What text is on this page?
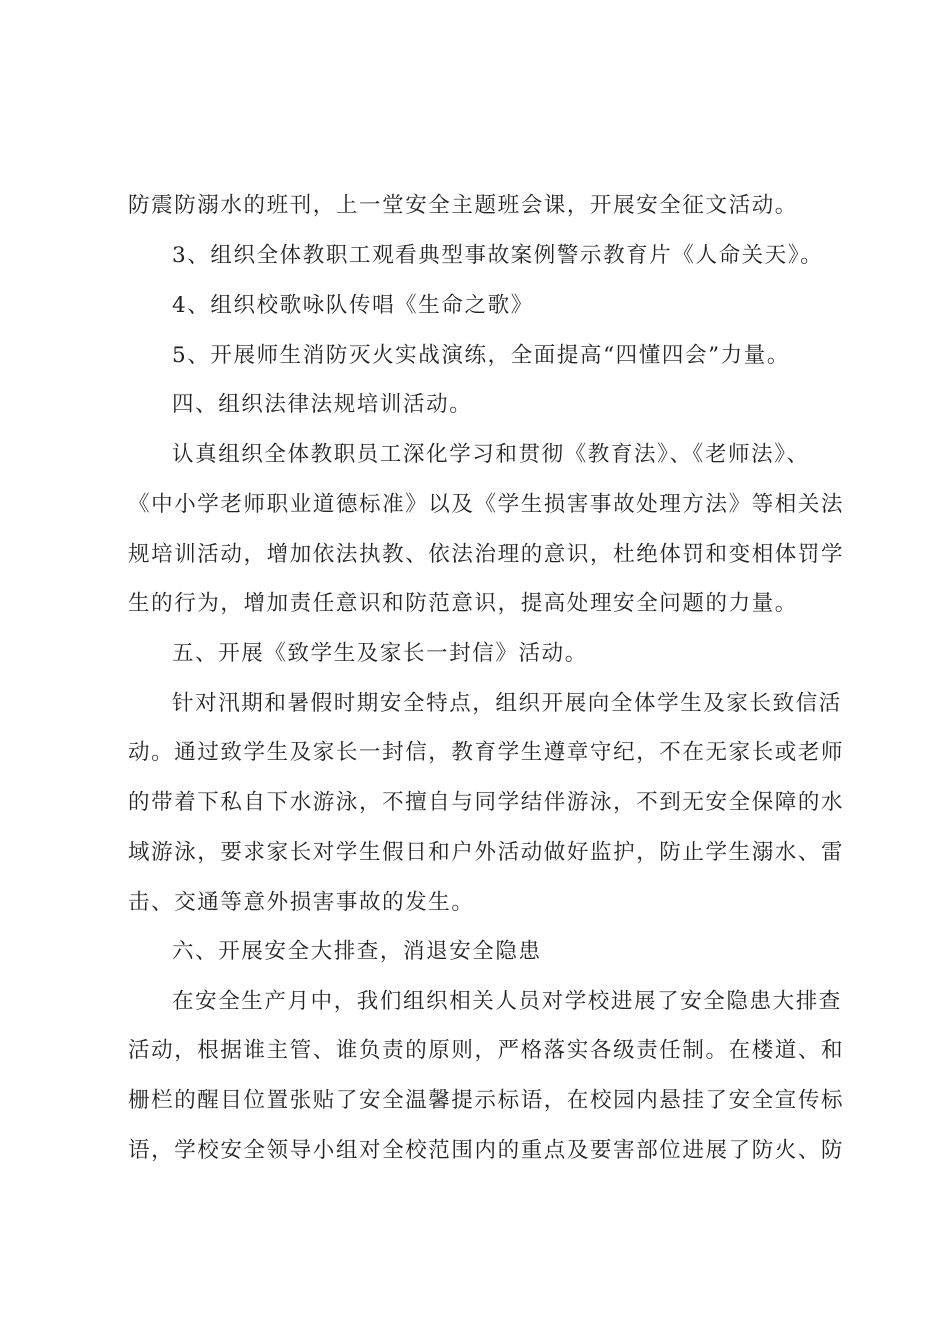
防震防溺水的班刊，上一堂安全主题班会课，开展安全征文活动。
3、组织全体教职工观看典型事故案例警示教育片《人命关天》。
4、组织校歌咏队传唱《生命之歌》
5、开展师生消防灭火实战演练，全面提高“四懂四会”力量。
四、组织法律法规培训活动。
认真组织全体教职员工深化学习和贯彻《教育法》、《老师法》、
《中小学老师职业道德标准》以及《学生损害事故处理方法》等相关法
规培训活动，增加依法执教、依法治理的意识，杜绝体罚和变相体罚学
生的行为，增加责任意识和防范意识，提高处理安全问题的力量。
五、开展《致学生及家长一封信》活动。
针对汛期和暑假时期安全特点，组织开展向全体学生及家长致信活
动。通过致学生及家长一封信，教育学生遵章守纪，不在无家长或老师
的带着下私自下水游泳，不擅自与同学结伴游泳，不到无安全保障的水
域游泳，要求家长对学生假日和户外活动做好监护，防止学生溺水、雷
击、交通等意外损害事故的发生。
六、开展安全大排查，消退安全隐患
在安全生产月中，我们组织相关人员对学校进展了安全隐患大排查
活动，根据谁主管、谁负责的原则，严格落实各级责任制。在楼道、和
栅栏的醒目位置张贴了安全温馨提示标语，在校园内悬挂了安全宣传标
语，学校安全领导小组对全校范围内的重点及要害部位进展了防火、防
